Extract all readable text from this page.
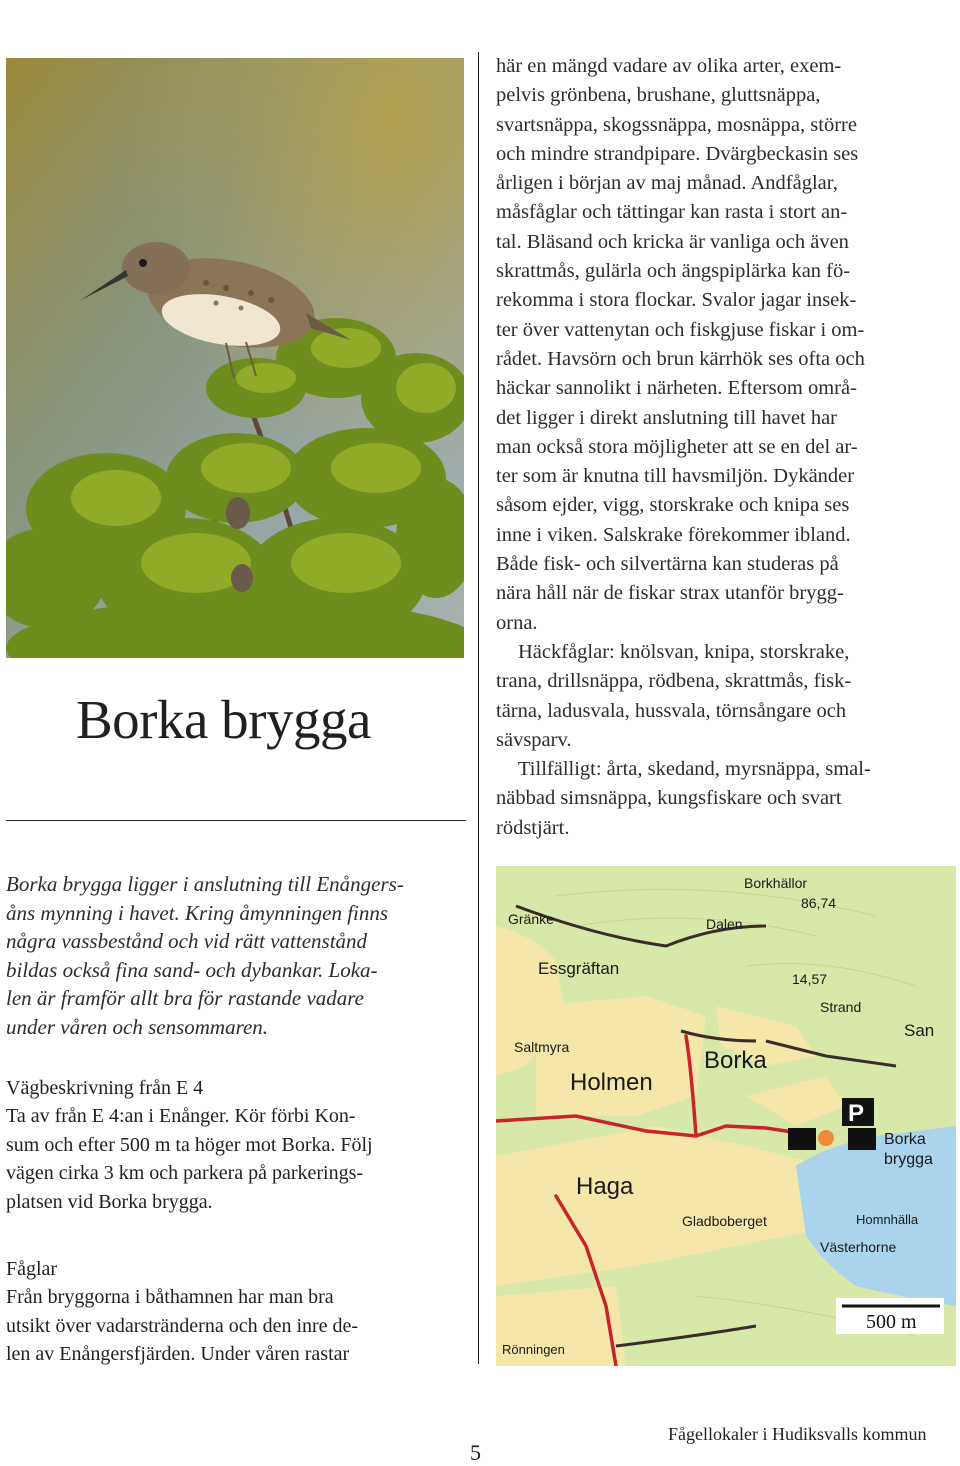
Borka brygga
Borka brygga ligger i anslutning till Enångers-
åns mynning i havet. Kring åmynningen finns
några vassbestånd och vid rätt vattenstånd
bildas också fina sand- och dybankar. Loka-
len är framför allt bra för rastande vadare
under våren och sensommaren.
Vägbeskrivning från E 4
Ta av från E 4:an i Enånger. Kör förbi Kon-
sum och efter 500 m ta höger mot Borka. Följ
vägen cirka 3 km och parkera på parkerings-
platsen vid Borka brygga.
Fåglar
Från bryggorna i båthamnen har man bra
utsikt över vadarstränderna och den inre de-
len av Enångersfjärden. Under våren rastar
här en mängd vadare av olika arter, exem-
pelvis grönbena, brushane, gluttsnäppa,
svartsnäppa, skogssnäppa, mosnäppa, större
och mindre strandpipare. Dvärgbeckasin ses
årligen i början av maj månad. Andfåglar,
måsfåglar och tättingar kan rasta i stort an-
tal. Bläsand och kricka är vanliga och även
skrattmås, gulärla och ängspiplärka kan fö-
rekomma i stora flockar. Svalor jagar insek-
ter över vattenytan och fiskgjuse fiskar i om-
rådet. Havsörn och brun kärrhök ses ofta och
häckar sannolikt i närheten. Eftersom områ-
det ligger i direkt anslutning till havet har
man också stora möjligheter att se en del ar-
ter som är knutna till havsmiljön. Dykänder
såsom ejder, vigg, storskrake och knipa ses
inne i viken. Salskrake förekommer ibland.
Både fisk- och silvertärna kan studeras på
nära håll när de fiskar strax utanför brygg-
orna.
Häckfåglar: knölsvan, knipa, storskrake,
trana, drillsnäppa, rödbena, skrattmås, fisk-
tärna, ladusvala, hussvala, törnsångare och
sävsparv.
Tillfälligt: årta, skedand, myrsnäppa, smal-
näbbad simsnäppa, kungsfiskare och svart
rödstjärt.
Borkhällor
86,74
Gränke	Dalen
14,57
Essgräftan
Strand
San
Saltmyra	Borka
Holmen
Borka
brygga
Haga
Gladboberget	Homnhälla
Västerhorne
Rönningen
P
500 m
5
Fågellokaler i Hudiksvalls kommun
